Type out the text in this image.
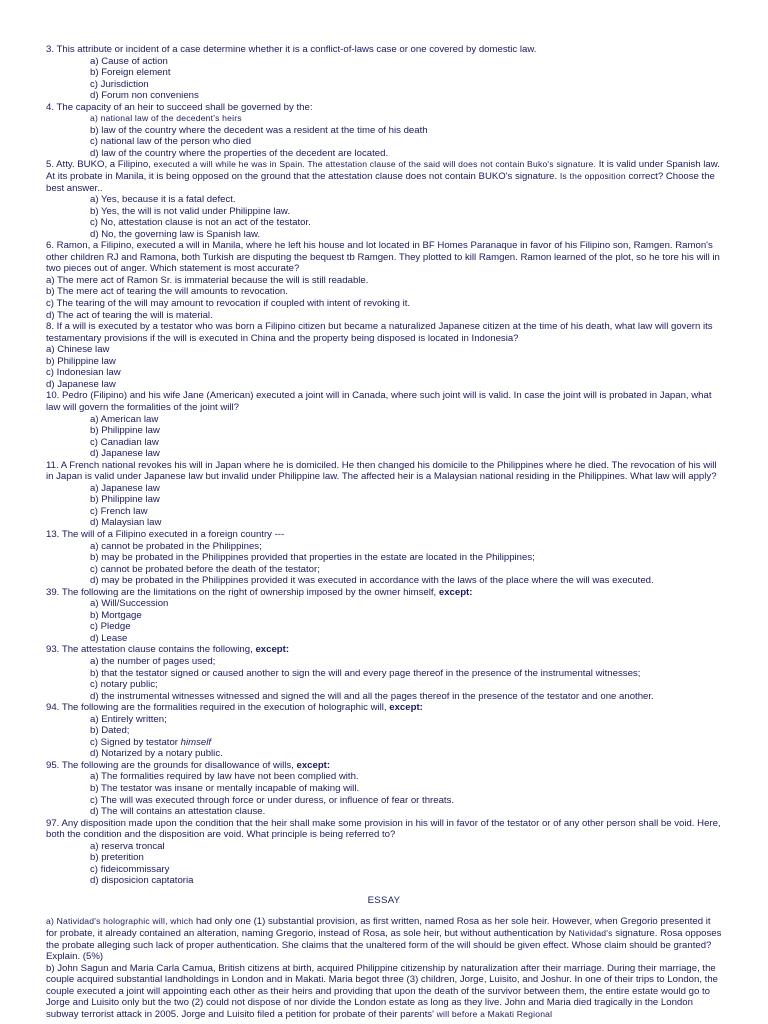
3. This attribute or incident of a case determine whether it is a conflict-of-laws case or one covered by domestic law.
a) Cause of action
b) Foreign element
c) Jurisdiction
d) Forum non conveniens
4. The capacity of an heir to succeed shall be governed by the:
a) national law of the decedent's heirs
b) law of the country where the decedent was a resident at the time of his death
c) national law of the person who died
d) law of the country where the properties of the decedent are located.
5. Atty. BUKO, a Filipino, executed a will while he was in Spain. The attestation clause of the said will does not contain Buko's signature. It is valid under Spanish law. At its probate in Manila, it is being opposed on the ground that the attestation clause does not contain BUKO's signature. Is the opposition correct? Choose the best answer..
a) Yes, because it is a fatal defect.
b) Yes, the will is not valid under Philippine law.
c) No, attestation clause is not an act of the testator.
d) No, the governing law is Spanish law.
6. Ramon, a Filipino, executed a will in Manila, where he left his house and lot located in BF Homes Paranaque in favor of his Filipino son, Ramgen. Ramon's other children RJ and Ramona, both Turkish are disputing the bequest tb Ramgen. They plotted to kill Ramgen. Ramon learned of the plot, so he tore his will in two pieces out of anger. Which statement is most accurate?
a) The mere act of Ramon Sr. is immaterial because the will is still readable.
b) The mere act of tearing the will amounts to revocation.
c) The tearing of the will may amount to revocation if coupled with intent of revoking it.
d) The act of tearing the will is material.
8. If a will is executed by a testator who was born a Filipino citizen but became a naturalized Japanese citizen at the time of his death, what law will govern its testamentary provisions if the will is executed in China and the property being disposed is located in Indonesia?
a) Chinese law
b) Philippine law
c) Indonesian law
d) Japanese law
10. Pedro (Filipino) and his wife Jane (American) executed a joint will in Canada, where such joint will is valid. In case the joint will is probated in Japan, what law will govern the formalities of the joint will?
a) American law
b) Philippine law
c) Canadian law
d) Japanese law
11. A French national revokes his will in Japan where he is domiciled. He then changed his domicile to the Philippines where he died. The revocation of his will in Japan is valid under Japanese law but invalid under Philippine law. The affected heir is a Malaysian national residing in the Philippines. What law will apply?
a) Japanese law
b) Philippine law
c) French law
d) Malaysian law
13. The will of a Filipino executed in a foreign country ---
a) cannot be probated in the Philippines;
b) may be probated in the Philippines provided that properties in the estate are located in the Philippines;
c) cannot be probated before the death of the testator;
d) may be probated in the Philippines provided it was executed in accordance with the laws of the place where the will was executed.
39. The following are the limitations on the right of ownership imposed by the owner himself, except:
a) Will/Succession
b) Mortgage
c) Pledge
d) Lease
93. The attestation clause contains the following, except:
a) the number of pages used;
b) that the testator signed or caused another to sign the will and every page thereof in the presence of the instrumental witnesses;
c) notary public;
d) the instrumental witnesses witnessed and signed the will and all the pages thereof in the presence of the testator and one another.
94. The following are the formalities required in the execution of holographic will, except:
a) Entirely written;
b) Dated;
c) Signed by testator himself
d) Notarized by a notary public.
95. The following are the grounds for disallowance of wills, except:
a) The formalities required by law have not been complied with.
b) The testator was insane or mentally incapable of making will.
c) The will was executed through force or under duress, or influence of fear or threats.
d) The will contains an attestation clause.
97. Any disposition made upon the condition that the heir shall make some provision in his will in favor of the testator or of any other person shall be void. Here, both the condition and the disposition are void. What principle is being referred to?
a) reserva troncal
b) preterition
c) fideicommissary
d) disposicion captatoria
ESSAY
a) Natividad's holographic will, which had only one (1) substantial provision, as first written, named Rosa as her sole heir. However, when Gregorio presented it for probate, it already contained an alteration, naming Gregorio, instead of Rosa, as sole heir, but without authentication by Natividad's signature. Rosa opposes the probate alleging such lack of proper authentication. She claims that the unaltered form of the will should be given effect. Whose claim should be granted? Explain. (5%)
b) John Sagun and Maria Carla Camua, British citizens at birth, acquired Philippine citizenship by naturalization after their marriage. During their marriage, the couple acquired substantial landholdings in London and in Makati. Maria begot three (3) children, Jorge, Luisito, and Joshur. In one of their trips to London, the couple executed a joint will appointing each other as their heirs and providing that upon the death of the survivor between them, the entire estate would go to Jorge and Luisito only but the two (2) could not dispose of nor divide the London estate as long as they live. John and Maria died tragically in the London subway terrorist attack in 2005. Jorge and Luisito filed a petition for probate of their parents' will before a Makati Regional
